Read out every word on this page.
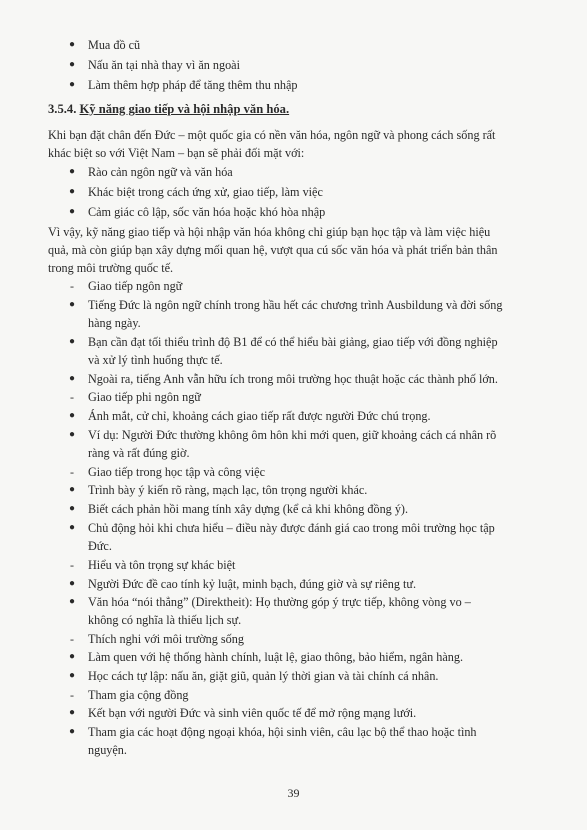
● Mua đồ cũ
● Nấu ăn tại nhà thay vì ăn ngoài
● Làm thêm hợp pháp để tăng thêm thu nhập
3.5.4. Kỹ năng giao tiếp và hội nhập văn hóa.
Khi bạn đặt chân đến Đức – một quốc gia có nền văn hóa, ngôn ngữ và phong cách sống rất
khác biệt so với Việt Nam – bạn sẽ phải đối mặt với:
● Rào cản ngôn ngữ và văn hóa
● Khác biệt trong cách ứng xử, giao tiếp, làm việc
● Cảm giác cô lập, sốc văn hóa hoặc khó hòa nhập
Vì vậy, kỹ năng giao tiếp và hội nhập văn hóa không chỉ giúp bạn học tập và làm việc hiệu
quả, mà còn giúp bạn xây dựng mối quan hệ, vượt qua cú sốc văn hóa và phát triển bản thân
trong môi trường quốc tế.
-	Giao tiếp ngôn ngữ
● Tiếng Đức là ngôn ngữ chính trong hầu hết các chương trình Ausbildung và đời sống
hàng ngày.
● Bạn cần đạt tối thiểu trình độ B1 để có thể hiểu bài giảng, giao tiếp với đồng nghiệp
và xử lý tình huống thực tế.
● Ngoài ra, tiếng Anh vẫn hữu ích trong môi trường học thuật hoặc các thành phố lớn.
-	Giao tiếp phi ngôn ngữ
● Ánh mắt, cử chỉ, khoảng cách giao tiếp rất được người Đức chú trọng.
● Ví dụ: Người Đức thường không ôm hôn khi mới quen, giữ khoảng cách cá nhân rõ
ràng và rất đúng giờ.
-	Giao tiếp trong học tập và công việc
● Trình bày ý kiến rõ ràng, mạch lạc, tôn trọng người khác.
● Biết cách phản hồi mang tính xây dựng (kể cả khi không đồng ý).
● Chủ động hỏi khi chưa hiểu – điều này được đánh giá cao trong môi trường học tập
Đức.
-	Hiểu và tôn trọng sự khác biệt
● Người Đức đề cao tính kỷ luật, minh bạch, đúng giờ và sự riêng tư.
● Văn hóa “nói thẳng” (Direktheit): Họ thường góp ý trực tiếp, không vòng vo –
không có nghĩa là thiếu lịch sự.
-	Thích nghi với môi trường sống
● Làm quen với hệ thống hành chính, luật lệ, giao thông, bảo hiểm, ngân hàng.
● Học cách tự lập: nấu ăn, giặt giũ, quản lý thời gian và tài chính cá nhân.
-	Tham gia cộng đồng
● Kết bạn với người Đức và sinh viên quốc tế để mở rộng mạng lưới.
● Tham gia các hoạt động ngoại khóa, hội sinh viên, câu lạc bộ thể thao hoặc tình
nguyện.
39
